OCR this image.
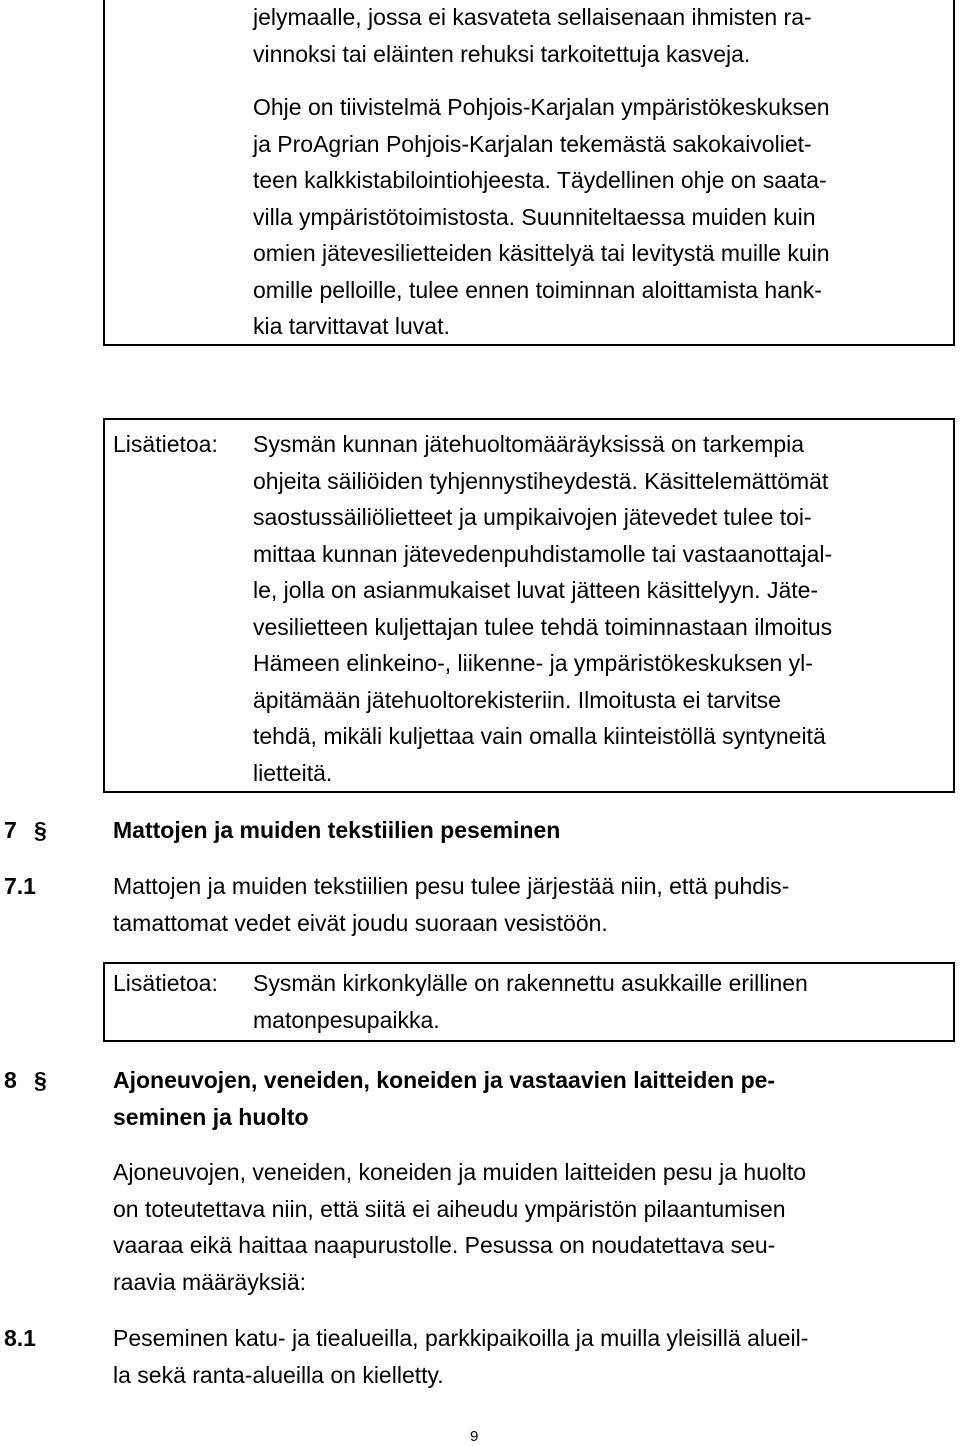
jelymaalle, jossa ei kasvateta sellaisenaan ihmisten ra-
vinnoksi tai eläinten rehuksi tarkoitettuja kasveja.
Ohje on tiivistelmä Pohjois-Karjalan ympäristökeskuksen
ja ProAgrian Pohjois-Karjalan tekemästä sakokaivoliet-
teen kalkkistabilointiohjeesta. Täydellinen ohje on saata-
villa ympäristötoimistosta. Suunniteltaessa muiden kuin
omien jätevesilietteiden käsittelyä tai levitystä muille kuin
omille pelloille, tulee ennen toiminnan aloittamista hank-
kia tarvittavat luvat.
Lisätietoa: Sysmän kunnan jätehuoltomääräyksissä on tarkempia
ohjeita säiliöiden tyhjennystiheydestä. Käsittelemättömät
saostussäiliölietteet ja umpikaivojen jätevedet tulee toi-
mittaa kunnan jätevedenpuhdistamolle tai vastaanottajal-
le, jolla on asianmukaiset luvat jätteen käsittelyyn. Jäte-
vesilietteen kuljettajan tulee tehdä toiminnastaan ilmoitus
Hämeen elinkeino-, liikenne- ja ympäristökeskuksen yl-
äpitämään jätehuoltorekisteriin. Ilmoitusta ei tarvitse
tehdä, mikäli kuljettaa vain omalla kiinteistöllä syntyneitä
lietteitä.
7 §	Mattojen ja muiden tekstiilien peseminen
7.1	Mattojen ja muiden tekstiilien pesu tulee järjestää niin, että puhdis-
tamattomat vedet eivät joudu suoraan vesistöön.
Lisätietoa: Sysmän kirkonkylälle on rakennettu asukkaille erillinen
matonpesupaikka.
8 §	Ajoneuvojen, veneiden, koneiden ja vastaavien laitteiden pe-
seminen ja huolto
Ajoneuvojen, veneiden, koneiden ja muiden laitteiden pesu ja huolto
on toteutettava niin, että siitä ei aiheudu ympäristön pilaantumisen
vaaraa eikä haittaa naapurustolle. Pesussa on noudatettava seu-
raavia määräyksiä:
8.1	Peseminen katu- ja tiealueilla, parkkipaikoilla ja muilla yleisillä alueil-
la sekä ranta-alueilla on kielletty.
9
